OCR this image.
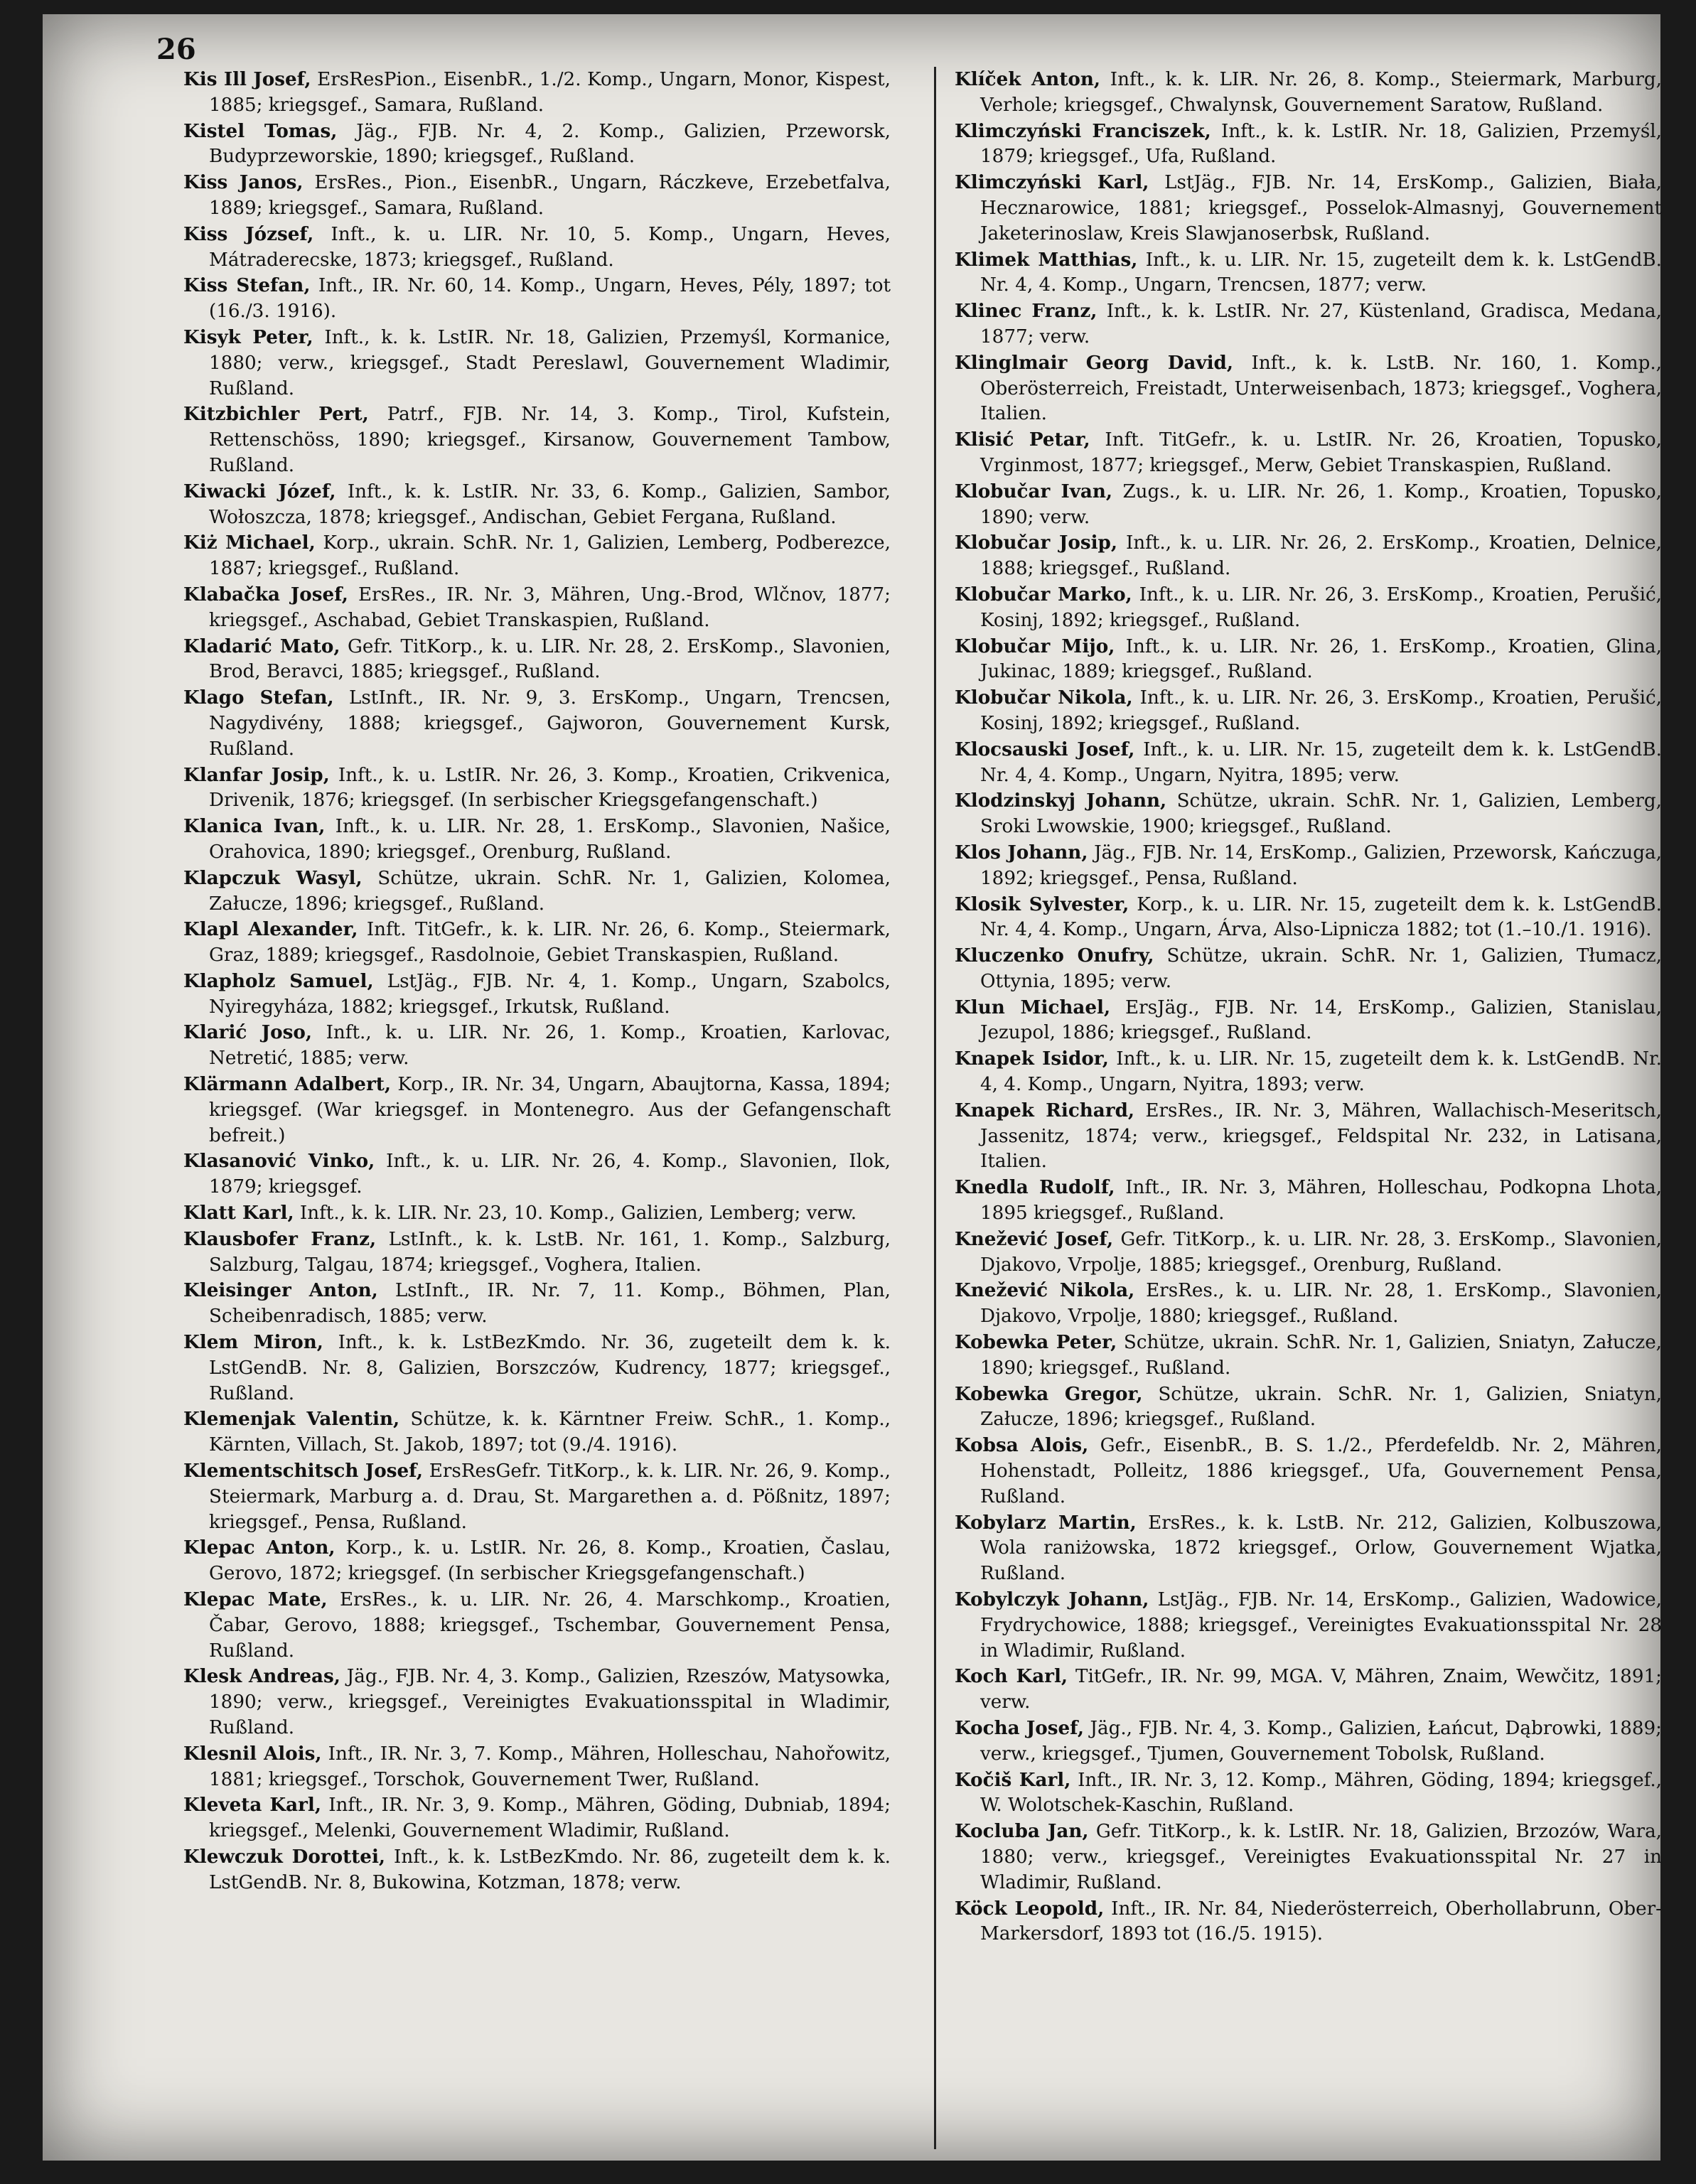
26
Kis Ill Josef, ErsResPion., EisenbR., 1./2. Komp., Ungarn, Monor, Kispest, 1885; kriegsgef., Samara, Rußland.
Kistel Tomas, Jäg., FJB. Nr. 4, 2. Komp., Galizien, Przeworsk, Budyprzeworskie, 1890; kriegsgef., Rußland.
Kiss Janos, ErsRes., Pion., EisenbR., Ungarn, Ráczkeve, Erzebetfalva, 1889; kriegsgef., Samara, Rußland.
Kiss József, Inft., k. u. LIR. Nr. 10, 5. Komp., Ungarn, Heves, Mátraderecske, 1873; kriegsgef., Rußland.
Kiss Stefan, Inft., IR. Nr. 60, 14. Komp., Ungarn, Heves, Pély, 1897; tot (16./3. 1916).
Kisyk Peter, Inft., k. k. LstIR. Nr. 18, Galizien, Przemyśl, Kormanice, 1880; verw., kriegsgef., Stadt Pereslawl, Gouvernement Wladimir, Rußland.
Kitzbichler Pert, Patrf., FJB. Nr. 14, 3. Komp., Tirol, Kufstein, Rettenschöss, 1890; kriegsgef., Kirsanow, Gouvernement Tambow, Rußland.
Kiwacki Józef, Inft., k. k. LstIR. Nr. 33, 6. Komp., Galizien, Sambor, Wołoszcza, 1878; kriegsgef., Andischan, Gebiet Fergana, Rußland.
Kiż Michael, Korp., ukrain. SchR. Nr. 1, Galizien, Lemberg, Podberezce, 1887; kriegsgef., Rußland.
Klabačka Josef, ErsRes., IR. Nr. 3, Mähren, Ung.-Brod, Wlčnov, 1877; kriegsgef., Aschabad, Gebiet Transkaspien, Rußland.
Kladarić Mato, Gefr. TitKorp., k. u. LIR. Nr. 28, 2. ErsKomp., Slavonien, Brod, Beravci, 1885; kriegsgef., Rußland.
Klago Stefan, LstInft., IR. Nr. 9, 3. ErsKomp., Ungarn, Trencsen, Nagydivény, 1888; kriegsgef., Gajworon, Gouvernement Kursk, Rußland.
Klanfar Josip, Inft., k. u. LstIR. Nr. 26, 3. Komp., Kroatien, Crikvenica, Drivenik, 1876; kriegsgef. (In serbischer Kriegsgefangenschaft.)
Klanica Ivan, Inft., k. u. LIR. Nr. 28, 1. ErsKomp., Slavonien, Našice, Orahovica, 1890; kriegsgef., Orenburg, Rußland.
Klapczuk Wasyl, Schütze, ukrain. SchR. Nr. 1, Galizien, Kolomea, Załucze, 1896; kriegsgef., Rußland.
Klapl Alexander, Inft. TitGefr., k. k. LIR. Nr. 26, 6. Komp., Steiermark, Graz, 1889; kriegsgef., Rasdolnoie, Gebiet Transkaspien, Rußland.
Klapholz Samuel, LstJäg., FJB. Nr. 4, 1. Komp., Ungarn, Szabolcs, Nyiregyháza, 1882; kriegsgef., Irkutsk, Rußland.
Klarić Joso, Inft., k. u. LIR. Nr. 26, 1. Komp., Kroatien, Karlovac, Netretić, 1885; verw.
Klärmann Adalbert, Korp., IR. Nr. 34, Ungarn, Abaujtorna, Kassa, 1894; kriegsgef. (War kriegsgef. in Montenegro. Aus der Gefangenschaft befreit.)
Klasanović Vinko, Inft., k. u. LIR. Nr. 26, 4. Komp., Slavonien, Ilok, 1879; kriegsgef.
Klatt Karl, Inft., k. k. LIR. Nr. 23, 10. Komp., Galizien, Lemberg; verw.
Klausbofer Franz, LstInft., k. k. LstB. Nr. 161, 1. Komp., Salzburg, Salzburg, Talgau, 1874; kriegsgef., Voghera, Italien.
Kleisinger Anton, LstInft., IR. Nr. 7, 11. Komp., Böhmen, Plan, Scheibenradisch, 1885; verw.
Klem Miron, Inft., k. k. LstBezKmdo. Nr. 36, zugeteilt dem k. k. LstGendB. Nr. 8, Galizien, Borszczów, Kudrency, 1877; kriegsgef., Rußland.
Klemenjak Valentin, Schütze, k. k. Kärntner Freiw. SchR., 1. Komp., Kärnten, Villach, St. Jakob, 1897; tot (9./4. 1916).
Klementschitsch Josef, ErsResGefr. TitKorp., k. k. LIR. Nr. 26, 9. Komp., Steiermark, Marburg a. d. Drau, St. Margarethen a. d. Pößnitz, 1897; kriegsgef., Pensa, Rußland.
Klepac Anton, Korp., k. u. LstIR. Nr. 26, 8. Komp., Kroatien, Časlau, Gerovo, 1872; kriegsgef. (In serbischer Kriegsgefangenschaft.)
Klepac Mate, ErsRes., k. u. LIR. Nr. 26, 4. Marschkomp., Kroatien, Čabar, Gerovo, 1888; kriegsgef., Tschembar, Gouvernement Pensa, Rußland.
Klesk Andreas, Jäg., FJB. Nr. 4, 3. Komp., Galizien, Rzeszów, Matysowka, 1890; verw., kriegsgef., Vereinigtes Evakuationsspital in Wladimir, Rußland.
Klesnil Alois, Inft., IR. Nr. 3, 7. Komp., Mähren, Holleschau, Nahořowitz, 1881; kriegsgef., Torschok, Gouvernement Twer, Rußland.
Kleveta Karl, Inft., IR. Nr. 3, 9. Komp., Mähren, Göding, Dubniab, 1894; kriegsgef., Melenki, Gouvernement Wladimir, Rußland.
Klewczuk Dorottei, Inft., k. k. LstBezKmdo. Nr. 86, zugeteilt dem k. k. LstGendB. Nr. 8, Bukowina, Kotzman, 1878; verw.
Klíček Anton, Inft., k. k. LIR. Nr. 26, 8. Komp., Steiermark, Marburg, Verhole; kriegsgef., Chwalynsk, Gouvernement Saratow, Rußland.
Klimczyński Franciszek, Inft., k. k. LstIR. Nr. 18, Galizien, Przemyśl, 1879; kriegsgef., Ufa, Rußland.
Klimczyński Karl, LstJäg., FJB. Nr. 14, ErsKomp., Galizien, Biała, Hecznarowice, 1881; kriegsgef., Posselok-Almasnyj, Gouvernement Jaketerinoslaw, Kreis Slawjanoserbsk, Rußland.
Klimek Matthias, Inft., k. u. LIR. Nr. 15, zugeteilt dem k. k. LstGendB. Nr. 4, 4. Komp., Ungarn, Trencsen, 1877; verw.
Klinec Franz, Inft., k. k. LstIR. Nr. 27, Küstenland, Gradisca, Medana, 1877; verw.
Klinglmair Georg David, Inft., k. k. LstB. Nr. 160, 1. Komp., Oberösterreich, Freistadt, Unterweisenbach, 1873; kriegsgef., Voghera, Italien.
Klisić Petar, Inft. TitGefr., k. u. LstIR. Nr. 26, Kroatien, Topusko, Vrginmost, 1877; kriegsgef., Merw, Gebiet Transkaspien, Rußland.
Klobučar Ivan, Zugs., k. u. LIR. Nr. 26, 1. Komp., Kroatien, Topusko, 1890; verw.
Klobučar Josip, Inft., k. u. LIR. Nr. 26, 2. ErsKomp., Kroatien, Delnice, 1888; kriegsgef., Rußland.
Klobučar Marko, Inft., k. u. LIR. Nr. 26, 3. ErsKomp., Kroatien, Perušić, Kosinj, 1892; kriegsgef., Rußland.
Klobučar Mijo, Inft., k. u. LIR. Nr. 26, 1. ErsKomp., Kroatien, Glina, Jukinac, 1889; kriegsgef., Rußland.
Klobučar Nikola, Inft., k. u. LIR. Nr. 26, 3. ErsKomp., Kroatien, Perušić, Kosinj, 1892; kriegsgef., Rußland.
Klocsauski Josef, Inft., k. u. LIR. Nr. 15, zugeteilt dem k. k. LstGendB. Nr. 4, 4. Komp., Ungarn, Nyitra, 1895; verw.
Klodzinskyj Johann, Schütze, ukrain. SchR. Nr. 1, Galizien, Lemberg, Sroki Lwowskie, 1900; kriegsgef., Rußland.
Klos Johann, Jäg., FJB. Nr. 14, ErsKomp., Galizien, Przeworsk, Kańczuga, 1892; kriegsgef., Pensa, Rußland.
Klosik Sylvester, Korp., k. u. LIR. Nr. 15, zugeteilt dem k. k. LstGendB. Nr. 4, 4. Komp., Ungarn, Árva, Also-Lipnicza 1882; tot (1.–10./1. 1916).
Kluczenko Onufry, Schütze, ukrain. SchR. Nr. 1, Galizien, Tłumacz, Ottynia, 1895; verw.
Klun Michael, ErsJäg., FJB. Nr. 14, ErsKomp., Galizien, Stanislau, Jezupol, 1886; kriegsgef., Rußland.
Knapek Isidor, Inft., k. u. LIR. Nr. 15, zugeteilt dem k. k. LstGendB. Nr. 4, 4. Komp., Ungarn, Nyitra, 1893; verw.
Knapek Richard, ErsRes., IR. Nr. 3, Mähren, Wallachisch-Meseritsch, Jassenitz, 1874; verw., kriegsgef., Feldspital Nr. 232, in Latisana, Italien.
Knedla Rudolf, Inft., IR. Nr. 3, Mähren, Holleschau, Podkopna Lhota, 1895 kriegsgef., Rußland.
Knežević Josef, Gefr. TitKorp., k. u. LIR. Nr. 28, 3. ErsKomp., Slavonien, Djakovo, Vrpolje, 1885; kriegsgef., Orenburg, Rußland.
Knežević Nikola, ErsRes., k. u. LIR. Nr. 28, 1. ErsKomp., Slavonien, Djakovo, Vrpolje, 1880; kriegsgef., Rußland.
Kobewka Peter, Schütze, ukrain. SchR. Nr. 1, Galizien, Sniatyn, Załucze, 1890; kriegsgef., Rußland.
Kobewka Gregor, Schütze, ukrain. SchR. Nr. 1, Galizien, Sniatyn, Załucze, 1896; kriegsgef., Rußland.
Kobsa Alois, Gefr., EisenbR., B. S. 1./2., Pferdefeldb. Nr. 2, Mähren, Hohenstadt, Polleitz, 1886 kriegsgef., Ufa, Gouvernement Pensa, Rußland.
Kobylarz Martin, ErsRes., k. k. LstB. Nr. 212, Galizien, Kolbuszowa, Wola raniżowska, 1872 kriegsgef., Orlow, Gouvernement Wjatka, Rußland.
Kobylczyk Johann, LstJäg., FJB. Nr. 14, ErsKomp., Galizien, Wadowice, Frydrychowice, 1888; kriegsgef., Vereinigtes Evakuationsspital Nr. 28 in Wladimir, Rußland.
Koch Karl, TitGefr., IR. Nr. 99, MGA. V, Mähren, Znaim, Wewčitz, 1891; verw.
Kocha Josef, Jäg., FJB. Nr. 4, 3. Komp., Galizien, Łańcut, Dąbrowki, 1889; verw., kriegsgef., Tjumen, Gouvernement Tobolsk, Rußland.
Kočiš Karl, Inft., IR. Nr. 3, 12. Komp., Mähren, Göding, 1894; kriegsgef., W. Wolotschek-Kaschin, Rußland.
Kocluba Jan, Gefr. TitKorp., k. k. LstIR. Nr. 18, Galizien, Brzozów, Wara, 1880; verw., kriegsgef., Vereinigtes Evakuationsspital Nr. 27 in Wladimir, Rußland.
Köck Leopold, Inft., IR. Nr. 84, Niederösterreich, Oberhollabrunn, Ober-Markersdorf, 1893 tot (16./5. 1915).
